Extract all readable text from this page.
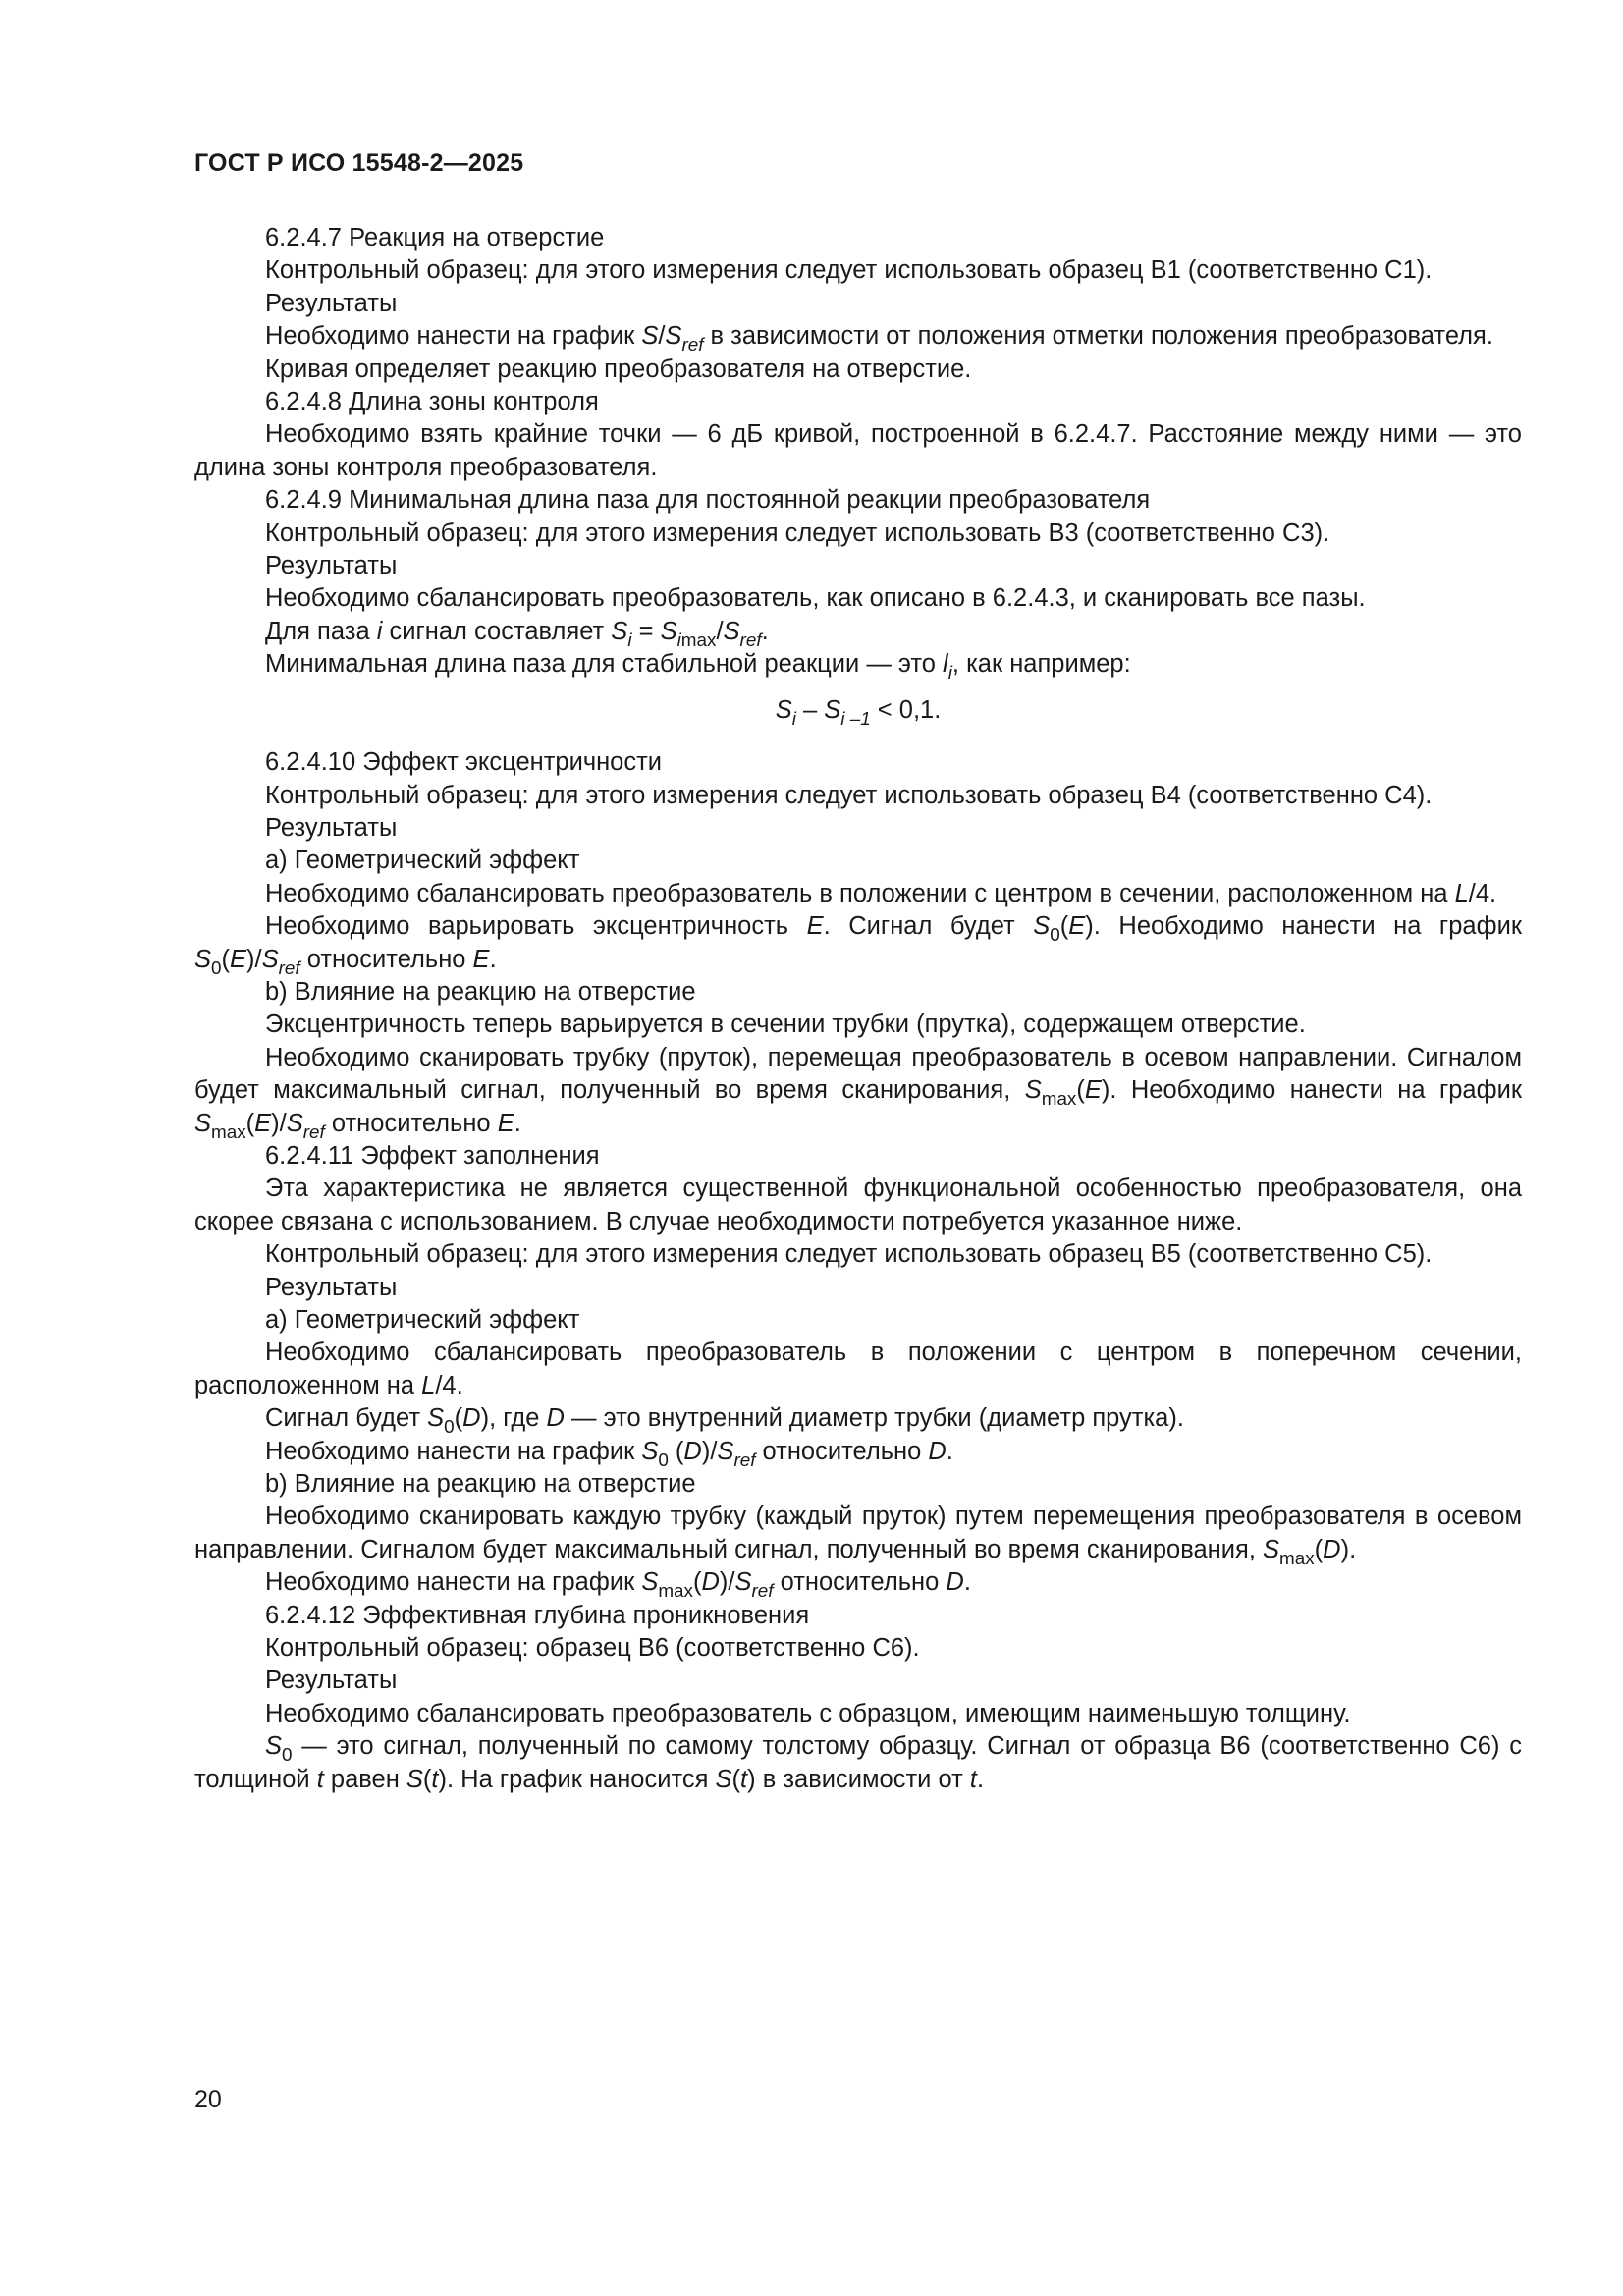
ГОСТ Р ИСО 15548-2—2025

6.2.4.7 Реакция на отверстие

Контрольный образец: для этого измерения следует использовать образец В1 (соответственно С1).

Результаты

Необходимо нанести на график $S/S_{ref}$ в зависимости от положения отметки положения преобразователя.

Кривая определяет реакцию преобразователя на отверстие.

6.2.4.8 Длина зоны контроля

Необходимо взять крайние точки — 6 дБ кривой, построенной в 6.2.4.7. Расстояние между ними — это длина зоны контроля преобразователя.

6.2.4.9 Минимальная длина паза для постоянной реакции преобразователя

Контрольный образец: для этого измерения следует использовать В3 (соответственно С3).

Результаты

Необходимо сбалансировать преобразователь, как описано в 6.2.4.3, и сканировать все пазы.

Для паза i сигнал составляет $S_i = S_{imax}/S_{ref}$.

Минимальная длина паза для стабильной реакции — это $l_i$, как например:

$S_i - S_{i -1} < 0,1$.

6.2.4.10 Эффект эксцентричности

Контрольный образец: для этого измерения следует использовать образец В4 (соответственно С4).

Результаты

a) Геометрический эффект

Необходимо сбалансировать преобразователь в положении с центром в сечении, расположенном на L/4.

Необходимо варьировать эксцентричность E. Сигнал будет $S_0(E)$. Необходимо нанести на график $S_0(E)/S_{ref}$ относительно E.

b) Влияние на реакцию на отверстие

Эксцентричность теперь варьируется в сечении трубки (прутка), содержащем отверстие.

Необходимо сканировать трубку (пруток), перемещая преобразователь в осевом направлении. Сигналом будет максимальный сигнал, полученный во время сканирования, $S_{max}(E)$. Необходимо нанести на график $S_{max}(E)/S_{ref}$ относительно E.

6.2.4.11 Эффект заполнения

Эта характеристика не является существенной функциональной особенностью преобразователя, она скорее связана с использованием. В случае необходимости потребуется указанное ниже.

Контрольный образец: для этого измерения следует использовать образец В5 (соответственно С5).

Результаты

a) Геометрический эффект

Необходимо сбалансировать преобразователь в положении с центром в поперечном сечении, расположенном на L/4.

Сигнал будет $S_0(D)$, где D — это внутренний диаметр трубки (диаметр прутка).

Необходимо нанести на график $S_0$ $(D)/S_{ref}$ относительно D.

b) Влияние на реакцию на отверстие

Необходимо сканировать каждую трубку (каждый пруток) путем перемещения преобразователя в осевом направлении. Сигналом будет максимальный сигнал, полученный во время сканирования, $S_{max}(D)$.

Необходимо нанести на график $S_{max}(D)/S_{ref}$ относительно D.

6.2.4.12 Эффективная глубина проникновения

Контрольный образец: образец В6 (соответственно С6).

Результаты

Необходимо сбалансировать преобразователь с образцом, имеющим наименьшую толщину.

$S_0$ — это сигнал, полученный по самому толстому образцу. Сигнал от образца В6 (соответственно С6) с толщиной t равен S(t). На график наносится S(t) в зависимости от t.

20
